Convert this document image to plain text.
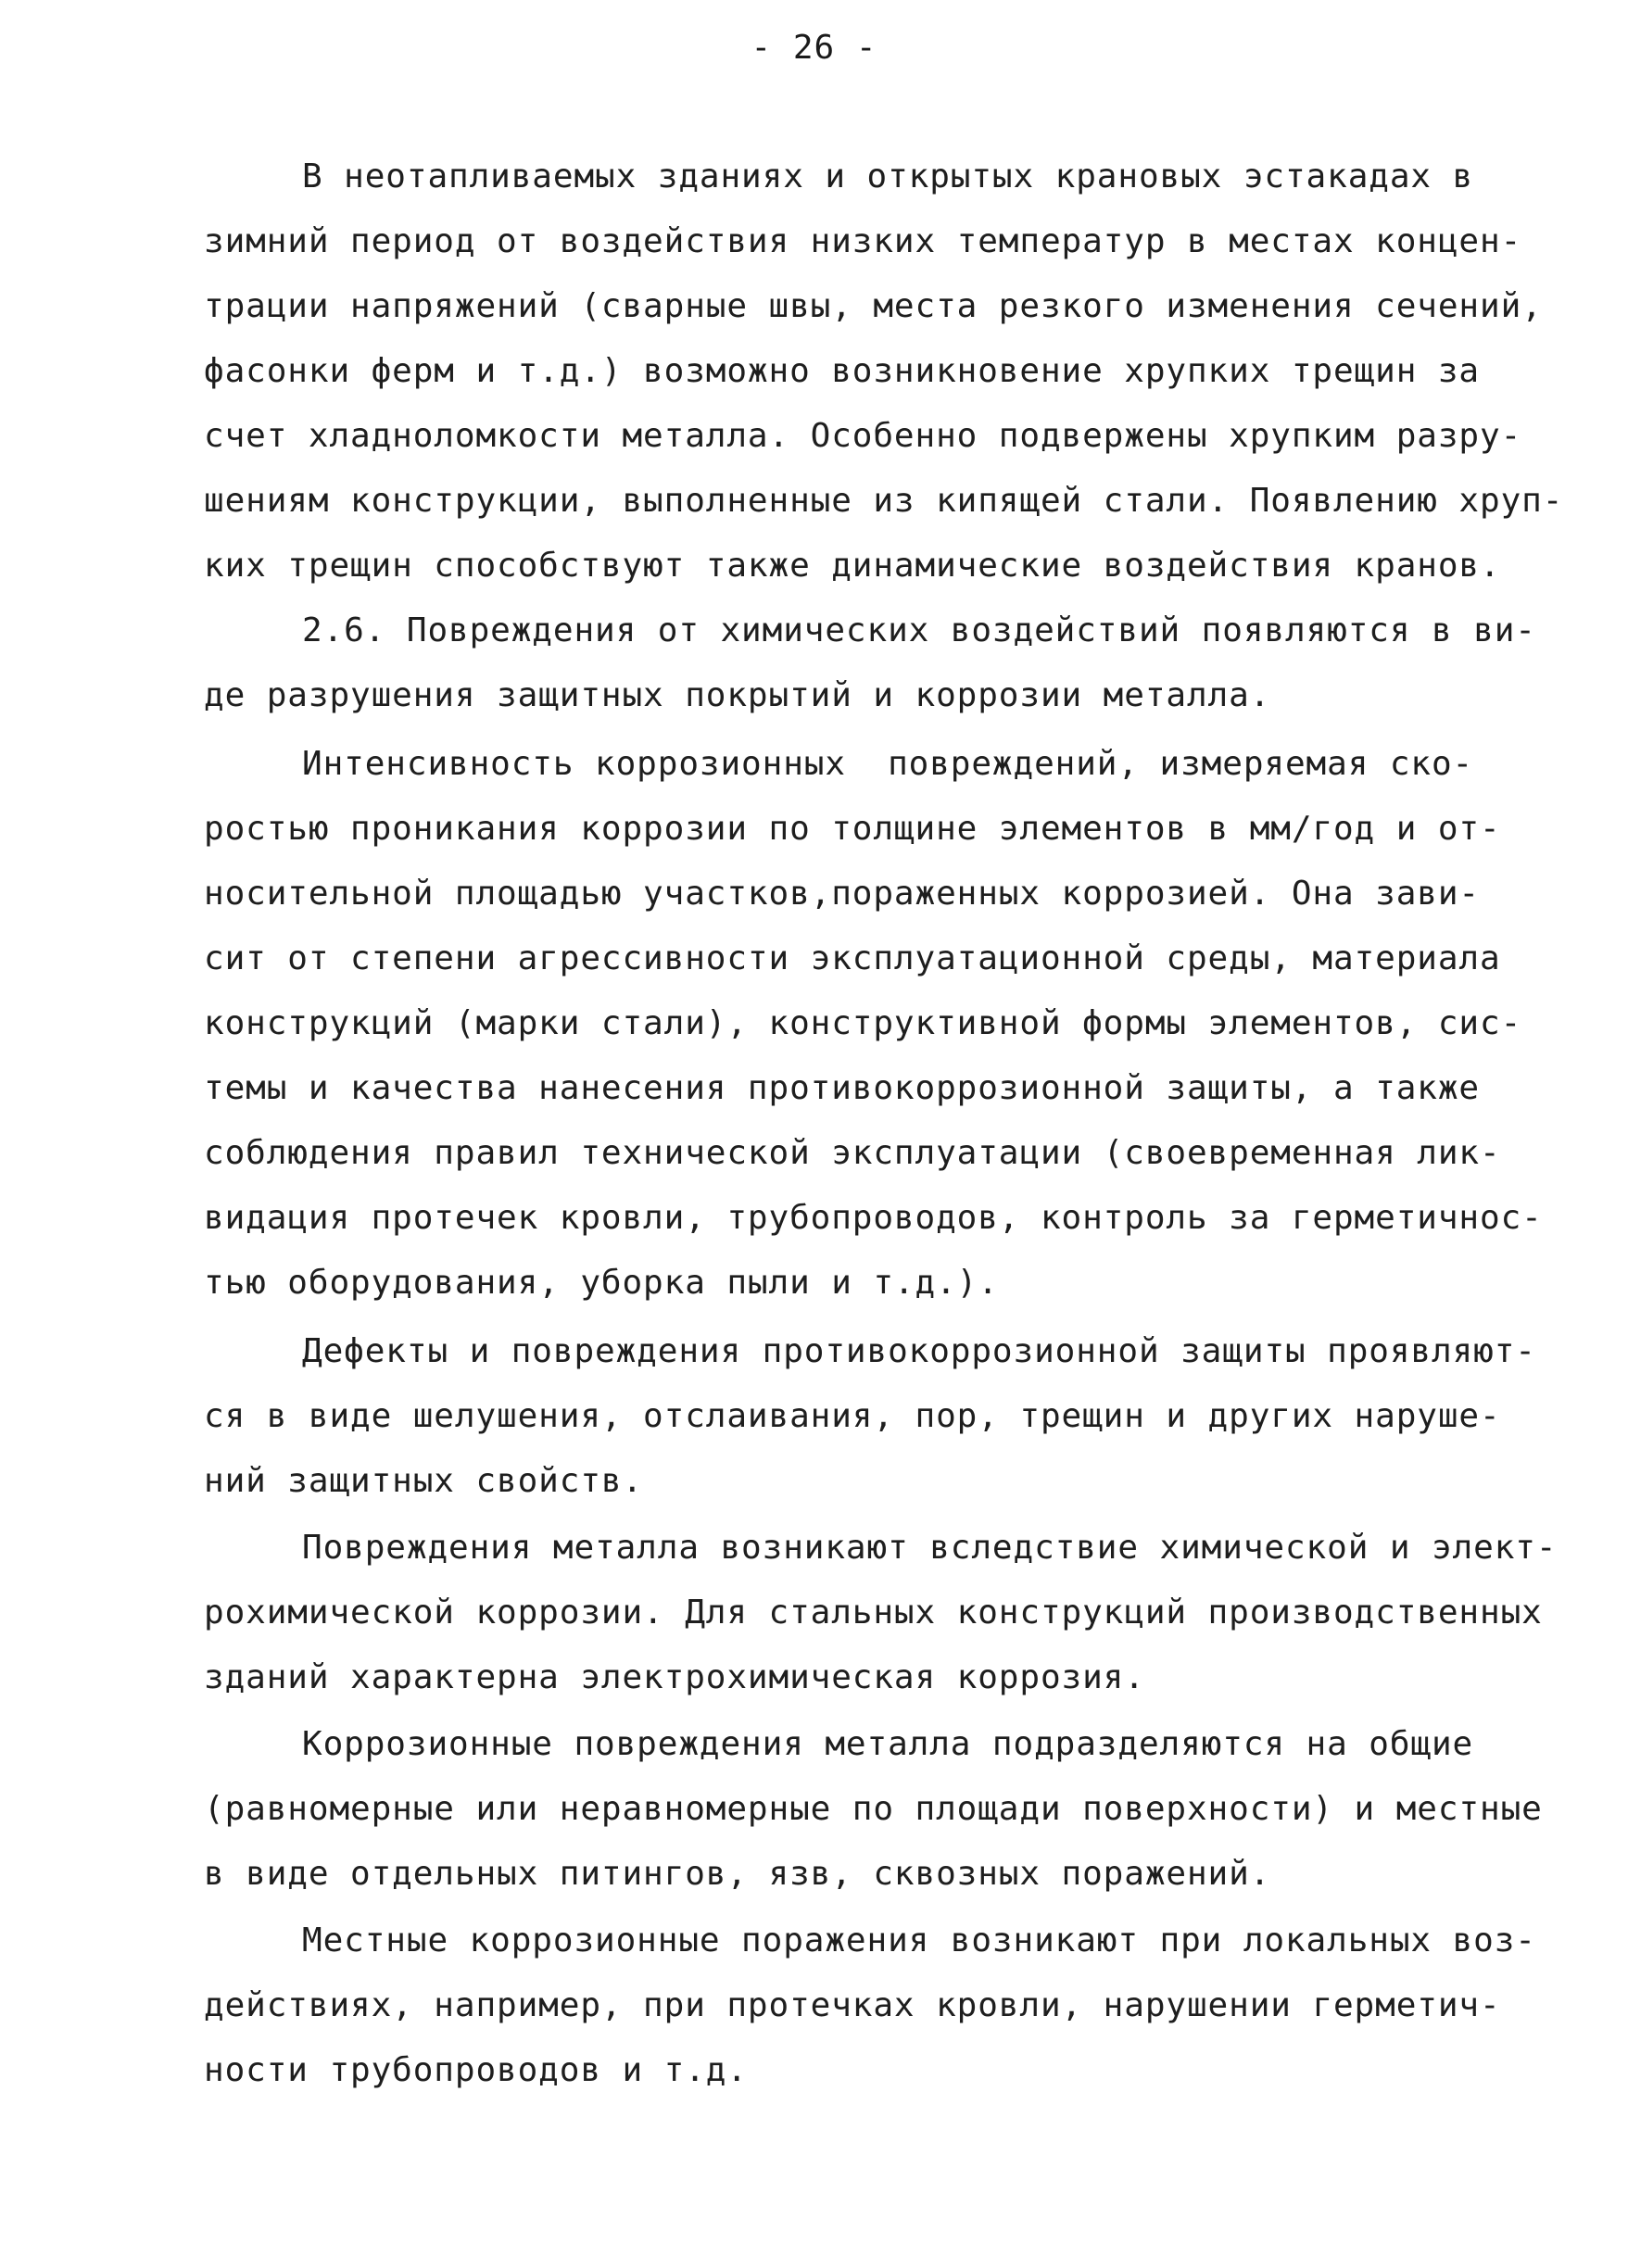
- 26 -
В неотапливаемых зданиях и открытых крановых эстакадах в
зимний период от воздействия низких температур в местах концен-
трации напряжений (сварные швы, места резкого изменения сечений,
фасонки ферм и т.д.) возможно возникновение хрупких трещин за
счет хладноломкости металла. Особенно подвержены хрупким разру-
шениям конструкции, выполненные из кипящей стали. Появлению хруп-
ких трещин способствуют также динамические воздействия кранов.
2.6. Повреждения от химических воздействий появляются в ви-
де разрушения защитных покрытий и коррозии металла.
Интенсивность коррозионных  повреждений, измеряемая ско-
ростью проникания коррозии по толщине элементов в мм/год и от-
носительной площадью участков,пораженных коррозией. Она зави-
сит от степени агрессивности эксплуатационной среды, материала
конструкций (марки стали), конструктивной формы элементов, сис-
темы и качества нанесения противокоррозионной защиты, а также
соблюдения правил технической эксплуатации (своевременная лик-
видация протечек кровли, трубопроводов, контроль за герметичнос-
тью оборудования, уборка пыли и т.д.).
Дефекты и повреждения противокоррозионной защиты проявляют-
ся в виде шелушения, отслаивания, пор, трещин и других наруше-
ний защитных свойств.
Повреждения металла возникают вследствие химической и элект-
рохимической коррозии. Для стальных конструкций производственных
зданий характерна электрохимическая коррозия.
Коррозионные повреждения металла подразделяются на общие
(равномерные или неравномерные по площади поверхности) и местные
в виде отдельных питингов, язв, сквозных поражений.
Местные коррозионные поражения возникают при локальных воз-
действиях, например, при протечках кровли, нарушении герметич-
ности трубопроводов и т.д.
